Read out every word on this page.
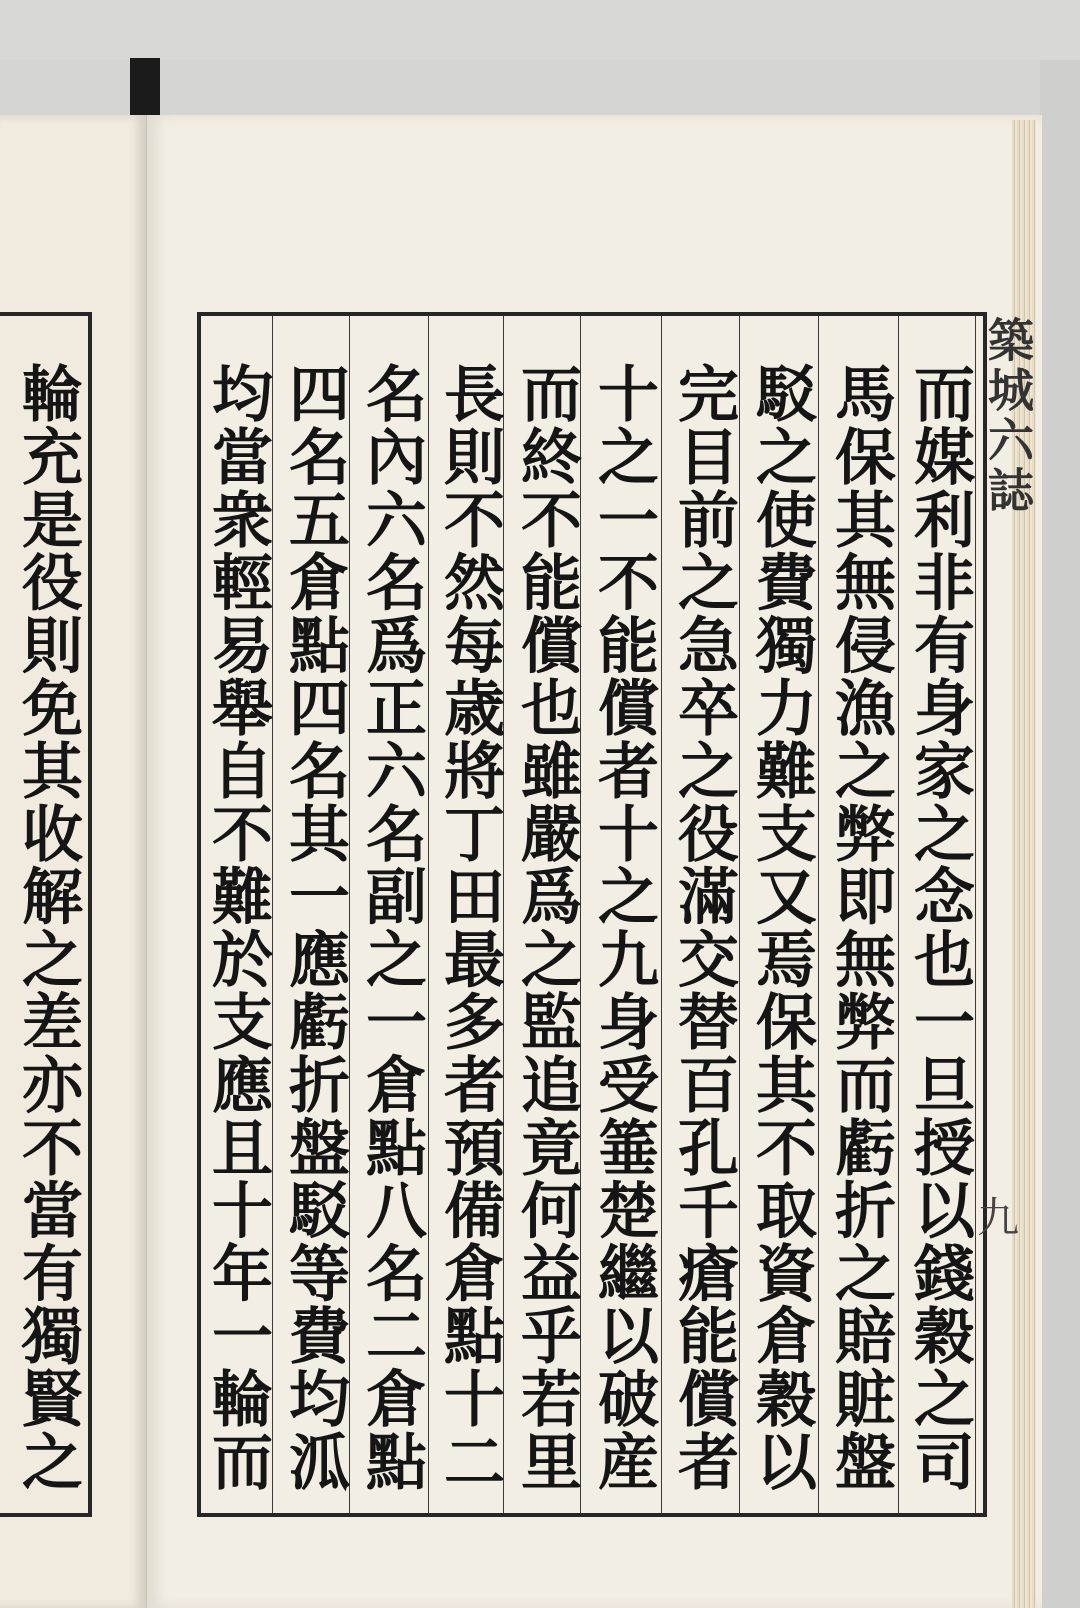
輪充是役則免其收解之差亦不當有獨賢之	而媒利非有身家之念也一旦授以錢穀之司
馬保其無侵漁之弊即無弊而虧折之賠賍盤
駁之使費獨力難支又焉保其不取資倉穀以
完目前之急卒之役滿交替百孔千瘡能償者
十之一不能償者十之九身受箠楚繼以破産
而終不能償也雖嚴爲之監追竟何益乎若里
長則不然每歳將丁田最多者預備倉點十二
名內六名爲正六名副之一倉點八名二倉點
四名五倉點四名其一應虧折盤駁等費均泒
均當衆輕易舉自不難於支應且十年一輪而	築城六誌
九
